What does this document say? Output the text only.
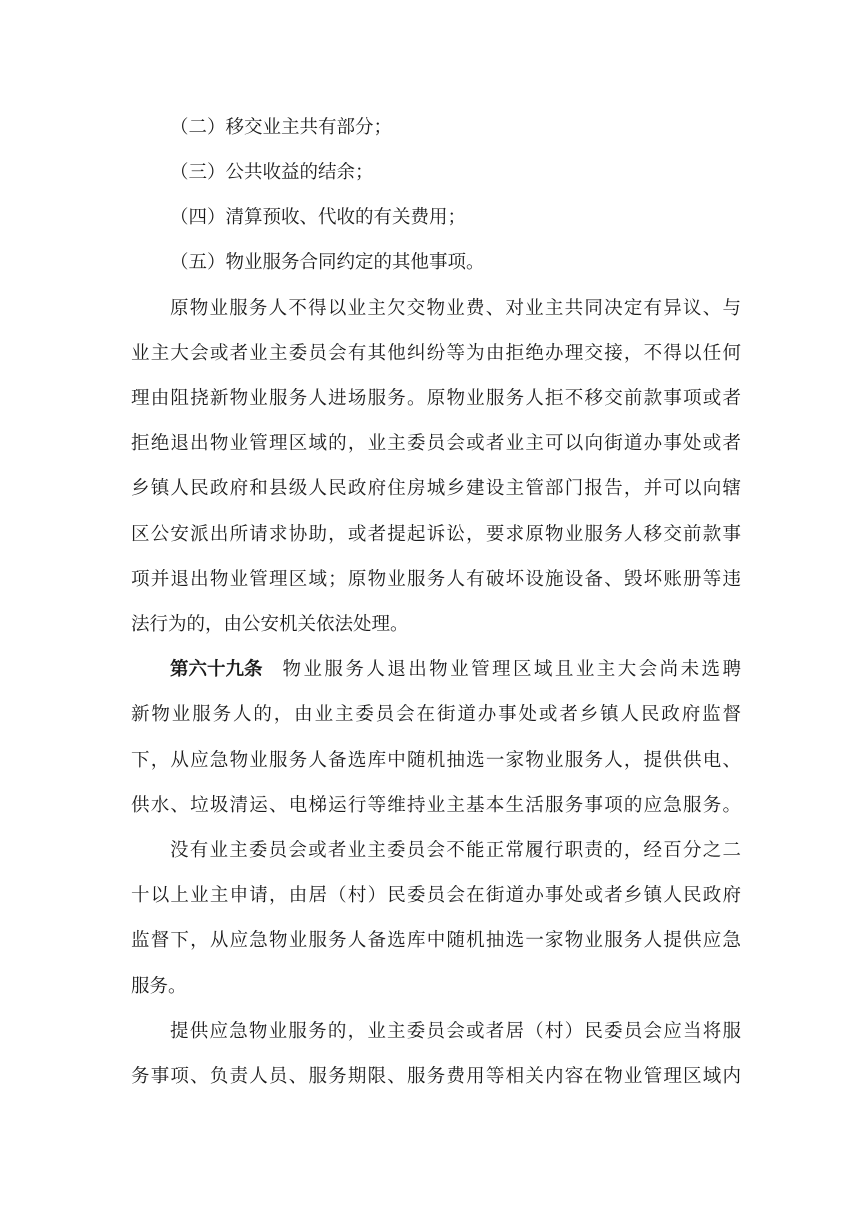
（二）移交业主共有部分；
（三）公共收益的结余；
（四）清算预收、代收的有关费用；
（五）物业服务合同约定的其他事项。
原物业服务人不得以业主欠交物业费、对业主共同决定有异议、与
业主大会或者业主委员会有其他纠纷等为由拒绝办理交接，不得以任何
理由阻挠新物业服务人进场服务。原物业服务人拒不移交前款事项或者
拒绝退出物业管理区域的，业主委员会或者业主可以向街道办事处或者
乡镇人民政府和县级人民政府住房城乡建设主管部门报告，并可以向辖
区公安派出所请求协助，或者提起诉讼，要求原物业服务人移交前款事
项并退出物业管理区域；原物业服务人有破坏设施设备、毁坏账册等违
法行为的，由公安机关依法处理。
第六十九条 物业服务人退出物业管理区域且业主大会尚未选聘
新物业服务人的，由业主委员会在街道办事处或者乡镇人民政府监督
下，从应急物业服务人备选库中随机抽选一家物业服务人，提供供电、
供水、垃圾清运、电梯运行等维持业主基本生活服务事项的应急服务。
没有业主委员会或者业主委员会不能正常履行职责的，经百分之二
十以上业主申请，由居（村）民委员会在街道办事处或者乡镇人民政府
监督下，从应急物业服务人备选库中随机抽选一家物业服务人提供应急
服务。
提供应急物业服务的，业主委员会或者居（村）民委员会应当将服
务事项、负责人员、服务期限、服务费用等相关内容在物业管理区域内
